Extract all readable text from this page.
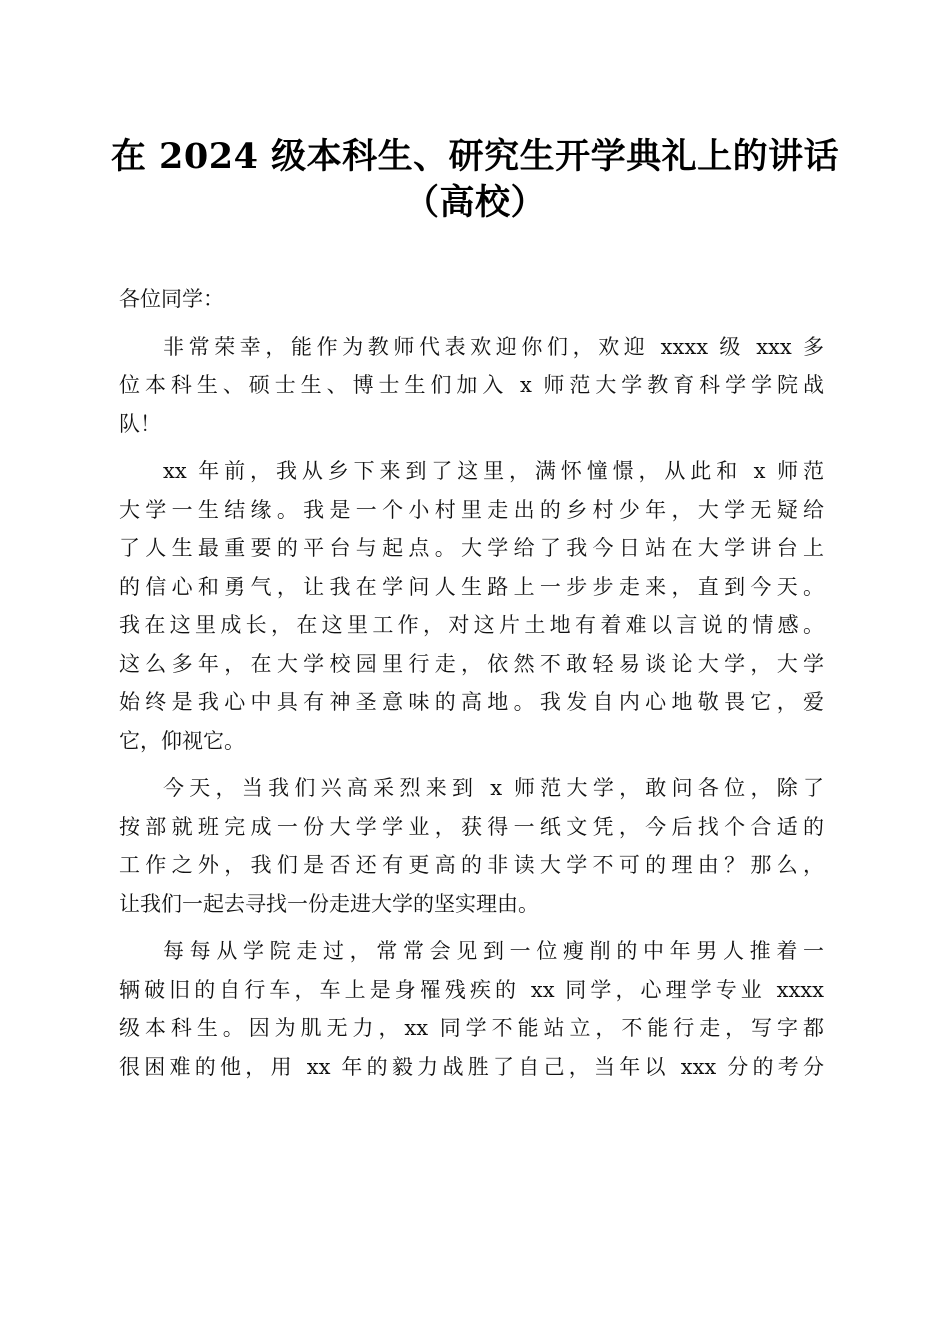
在 2024 级本科生、研究生开学典礼上的讲话
（高校）
各位同学：
非常荣幸，能作为教师代表欢迎你们，欢迎 xxxx 级 xxx 多
位本科生、硕士生、博士生们加入 x 师范大学教育科学学院战
队！
xx 年前，我从乡下来到了这里，满怀憧憬，从此和 x 师范
大学一生结缘。我是一个小村里走出的乡村少年，大学无疑给
了人生最重要的平台与起点。大学给了我今日站在大学讲台上
的信心和勇气，让我在学问人生路上一步步走来，直到今天。
我在这里成长，在这里工作，对这片土地有着难以言说的情感。
这么多年，在大学校园里行走，依然不敢轻易谈论大学，大学
始终是我心中具有神圣意味的高地。我发自内心地敬畏它，爱
它，仰视它。
今天，当我们兴高采烈来到 x 师范大学，敢问各位，除了
按部就班完成一份大学学业，获得一纸文凭，今后找个合适的
工作之外，我们是否还有更高的非读大学不可的理由？那么，
让我们一起去寻找一份走进大学的坚实理由。
每每从学院走过，常常会见到一位瘦削的中年男人推着一
辆破旧的自行车，车上是身罹残疾的 xx 同学，心理学专业 xxxx
级本科生。因为肌无力，xx 同学不能站立，不能行走，写字都
很困难的他，用 xx 年的毅力战胜了自己，当年以 xxx 分的考分
